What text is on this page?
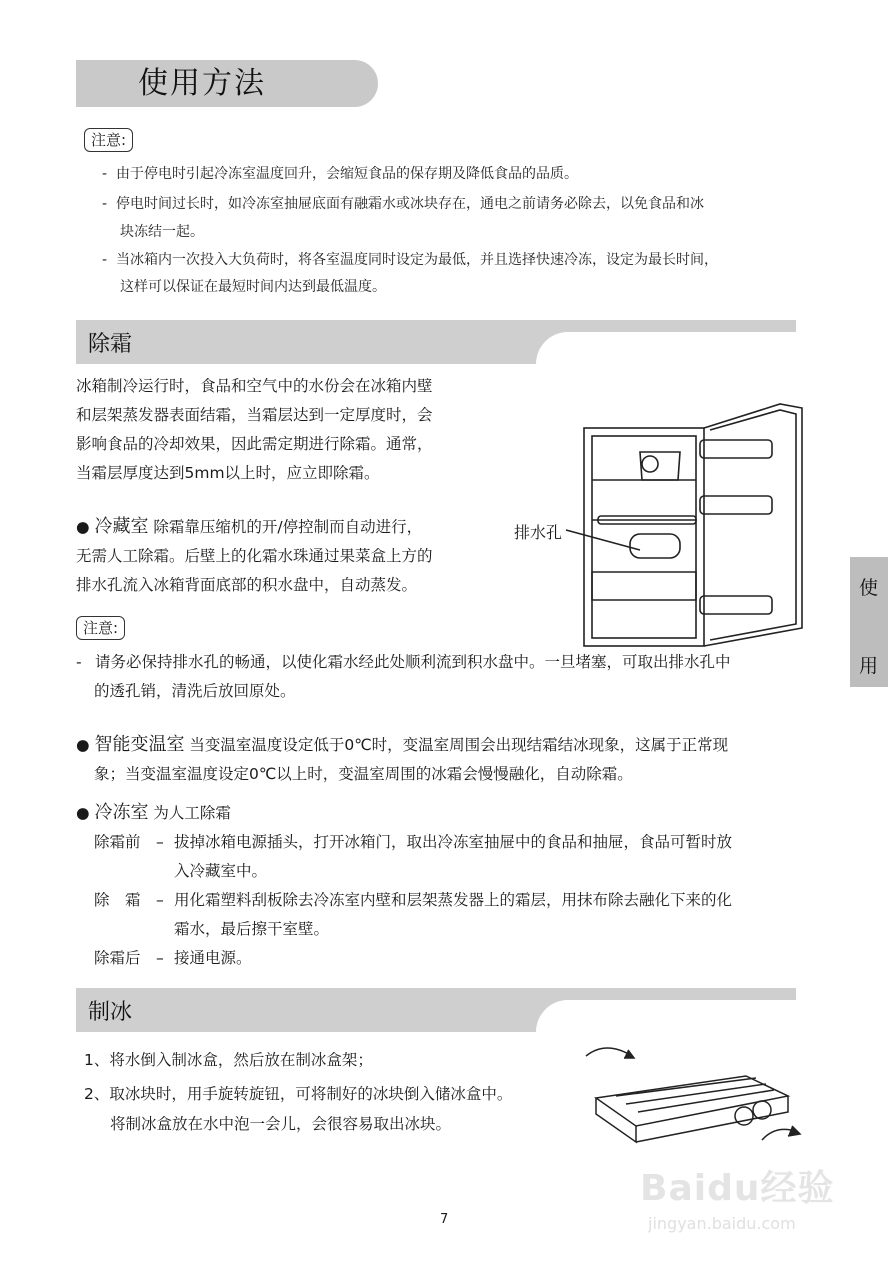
使用方法
注意:
- 由于停电时引起冷冻室温度回升，会缩短食品的保存期及降低食品的品质。
- 停电时间过长时，如冷冻室抽屉底面有融霜水或冰块存在，通电之前请务必除去，以免食品和冰
块冻结一起。
- 当冰箱内一次投入大负荷时，将各室温度同时设定为最低，并且选择快速冷冻，设定为最长时间，
这样可以保证在最短时间内达到最低温度。
除霜
冰箱制冷运行时，食品和空气中的水份会在冰箱内壁
和层架蒸发器表面结霜，当霜层达到一定厚度时，会
影响食品的冷却效果，因此需定期进行除霜。通常，
当霜层厚度达到5mm以上时，应立即除霜。
● 冷藏室 除霜靠压缩机的开/停控制而自动进行，
无需人工除霜。后壁上的化霜水珠通过果菜盒上方的
排水孔流入冰箱背面底部的积水盘中，自动蒸发。
排水孔
注意:
- 请务必保持排水孔的畅通，以使化霜水经此处顺利流到积水盘中。一旦堵塞，可取出排水孔中
的透孔销，清洗后放回原处。
● 智能变温室 当变温室温度设定低于0℃时，变温室周围会出现结霜结冰现象，这属于正常现
象；当变温室温度设定0℃以上时，变温室周围的冰霜会慢慢融化，自动除霜。
● 冷冻室 为人工除霜
除霜前 – 拔掉冰箱电源插头，打开冰箱门，取出冷冻室抽屉中的食品和抽屉，食品可暂时放
入冷藏室中。
除　霜 – 用化霜塑料刮板除去冷冻室内壁和层架蒸发器上的霜层，用抹布除去融化下来的化
霜水，最后擦干室壁。
除霜后 – 接通电源。
制冰
1、将水倒入制冰盒，然后放在制冰盒架；
2、取冰块时，用手旋转旋钮，可将制好的冰块倒入储冰盒中。
将制冰盒放在水中泡一会儿，会很容易取出冰块。
使
用
7
Baidu经验
jingyan.baidu.com
